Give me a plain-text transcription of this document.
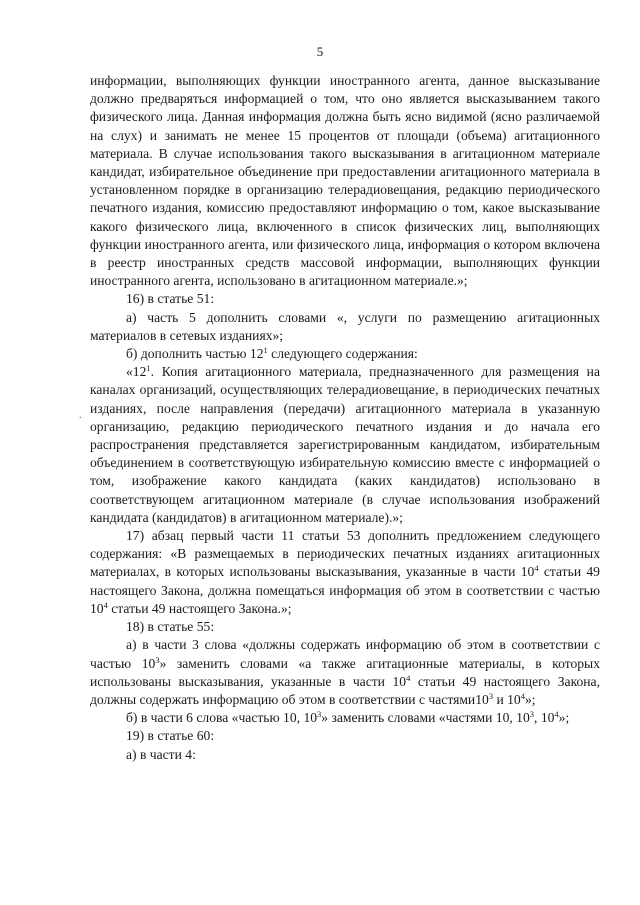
5
.

информации, выполняющих функции иностранного агента, данное высказывание должно предваряться информацией о том, что оно является высказыванием такого физического лица. Данная информация должна быть ясно видимой (ясно различаемой на слух) и занимать не менее 15 процентов от площади (объема) агитационного материала. В случае использования такого высказывания в агитационном материале кандидат, избирательное объединение при предоставлении агитационного материала в установленном порядке в организацию телерадиовещания, редакцию периодического печатного издания, комиссию предоставляют информацию о том, какое высказывание какого физического лица, включенного в список физических лиц, выполняющих функции иностранного агента, или физического лица, информация о котором включена в реестр иностранных средств массовой информации, выполняющих функции иностранного агента, использовано в агитационном материале.»;

16) в статье 51:

а) часть 5 дополнить словами «, услуги по размещению агитационных материалов в сетевых изданиях»;

б) дополнить частью $12^1$ следующего содержания:

«$12^1$. Копия агитационного материала, предназначенного для размещения на каналах организаций, осуществляющих телерадиовещание, в периодических печатных изданиях, после направления (передачи) агитационного материала в указанную организацию, редакцию периодического печатного издания и до начала его распространения представляется зарегистрированным кандидатом, избирательным объединением в соответствующую избирательную комиссию вместе с информацией о том, изображение какого кандидата (каких кандидатов) использовано в соответствующем агитационном материале (в случае использования изображений кандидата (кандидатов) в агитационном материале).»;

17) абзац первый части 11 статьи 53 дополнить предложением следующего содержания: «В размещаемых в периодических печатных изданиях агитационных материалах, в которых использованы высказывания, указанные в части $10^4$ статьи 49 настоящего Закона, должна помещаться информация об этом в соответствии с частью $10^4$ статьи 49 настоящего Закона.»;

18) в статье 55:

а) в части 3 слова «должны содержать информацию об этом в соответствии с частью $10^3$» заменить словами «а также агитационные материалы, в которых использованы высказывания, указанные в части $10^4$ статьи 49 настоящего Закона, должны содержать информацию об этом в соответствии с $частями10^3$ и $10^4$»;

б) в части 6 слова «частью 10, $10^3$» заменить словами «частями 10, $10^3$, $10^4$»;

19) в статье 60:

а) в части 4:
